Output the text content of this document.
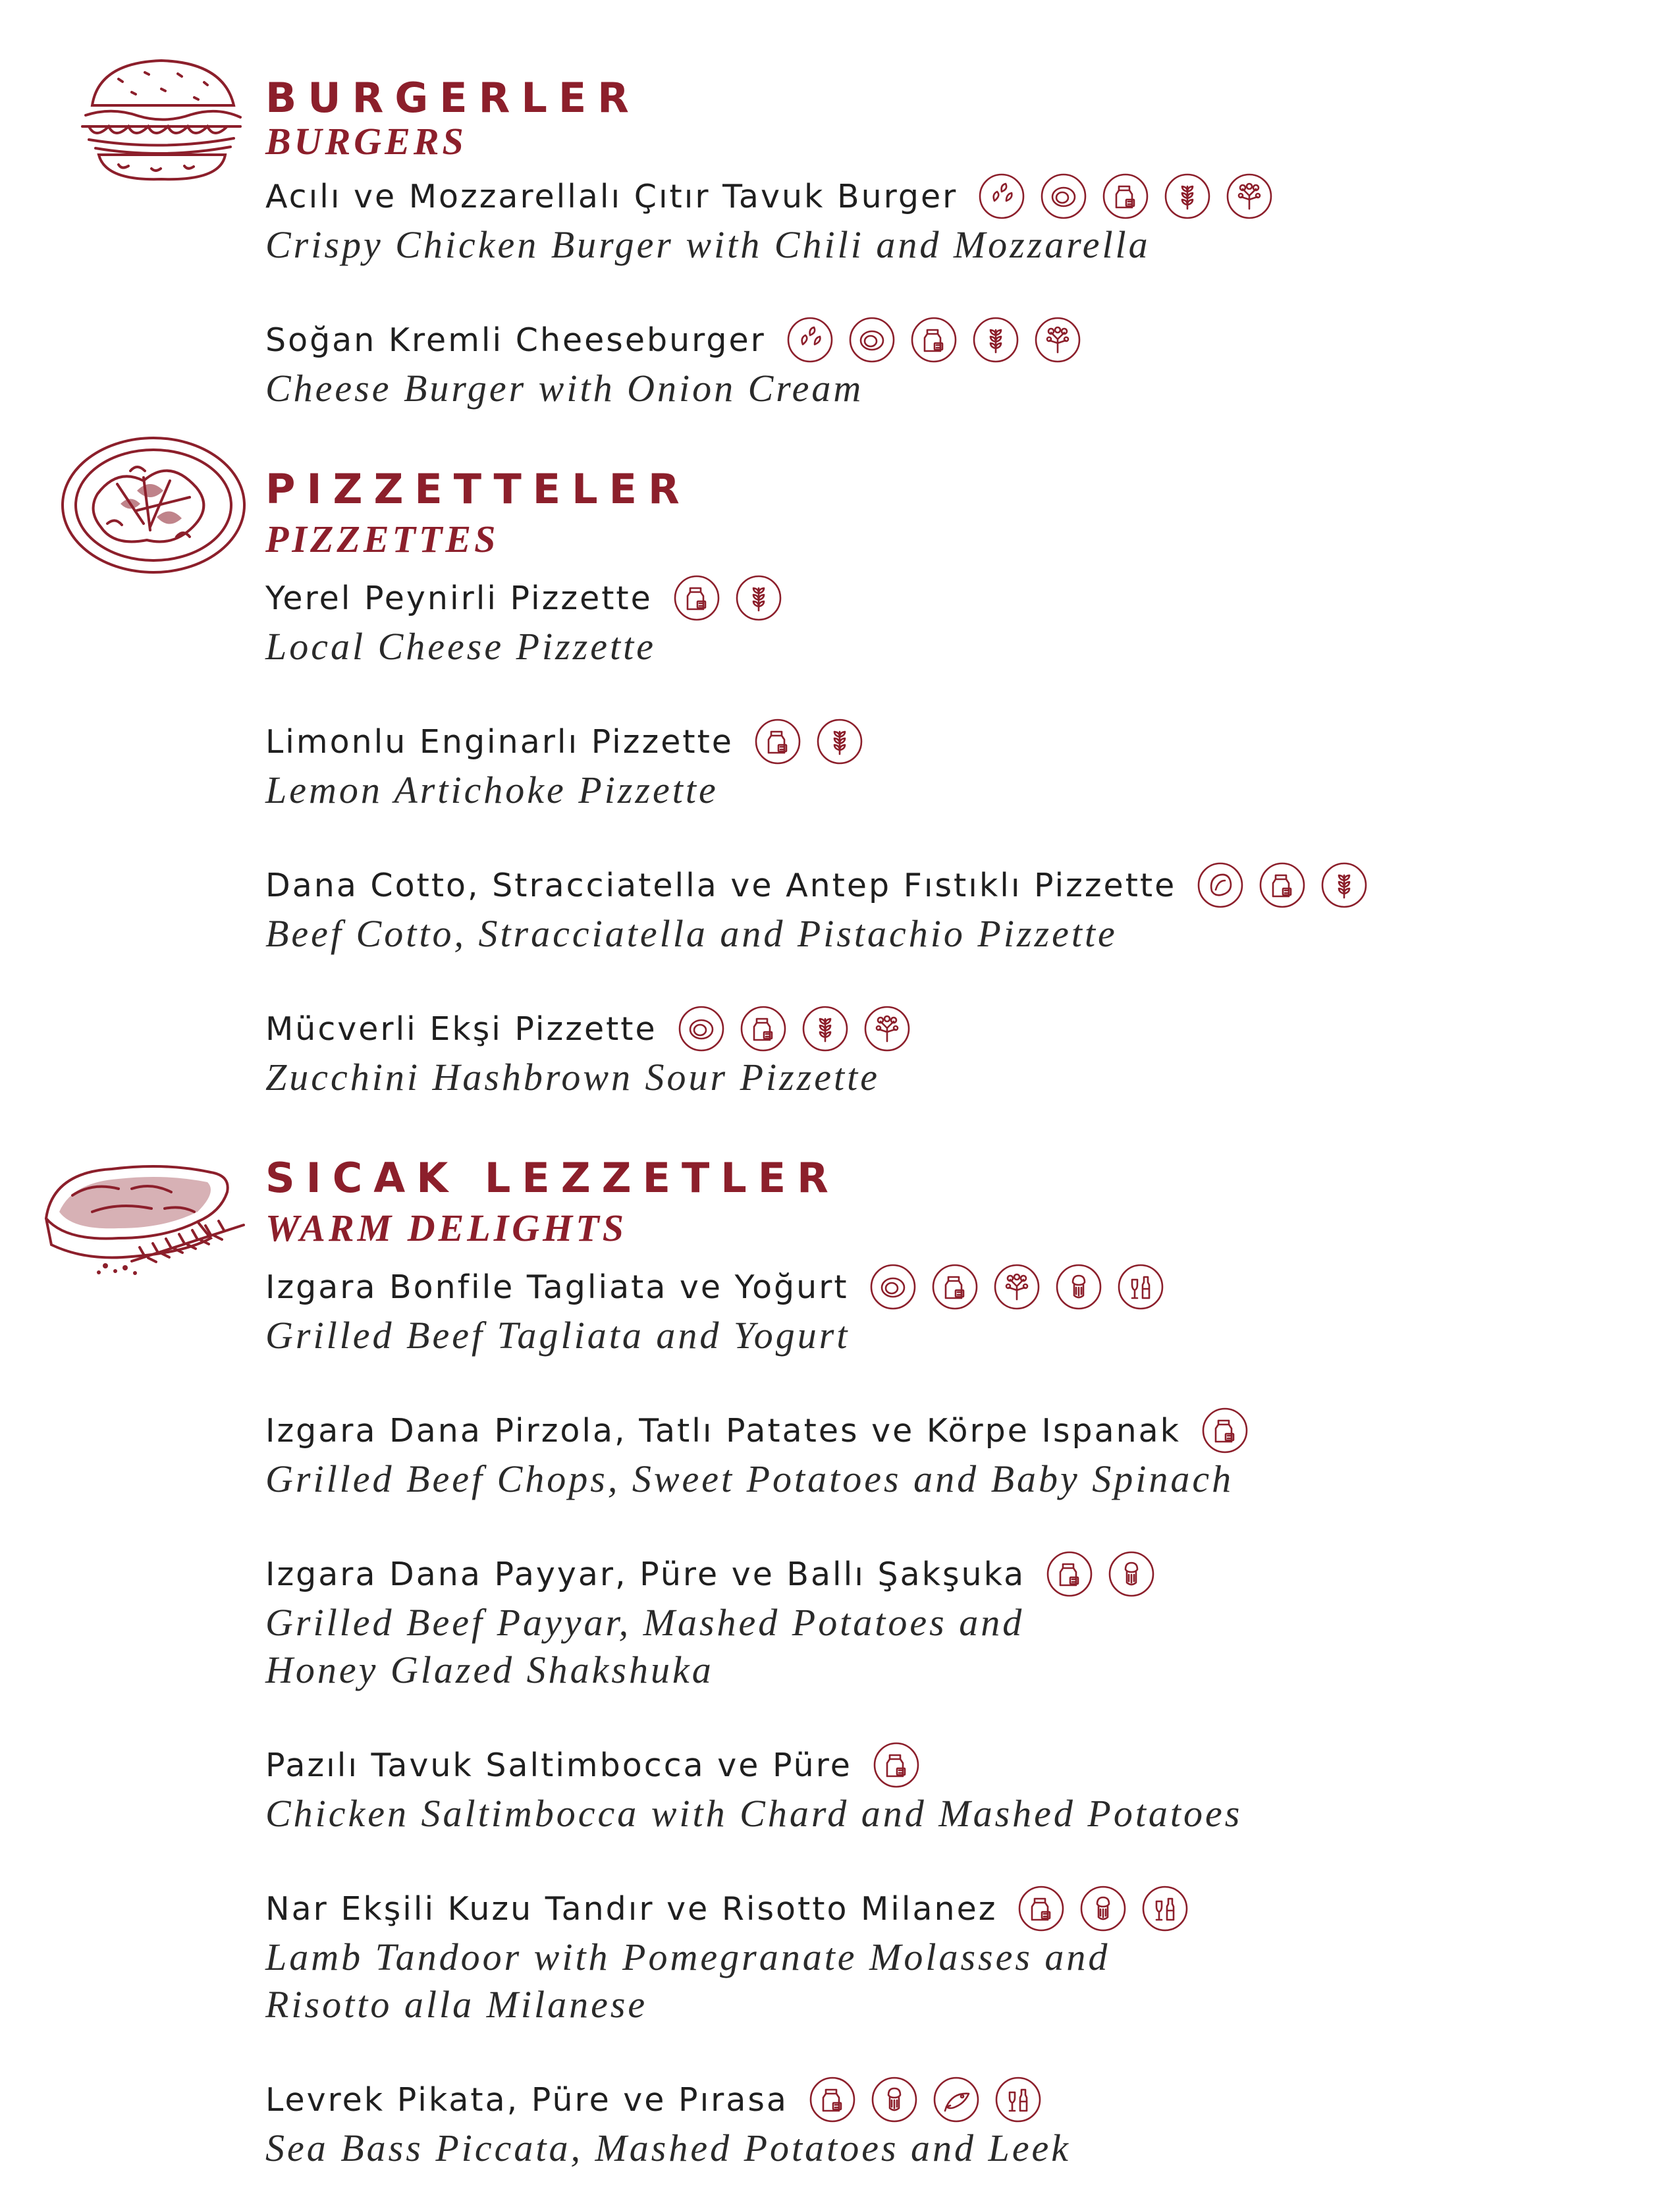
BURGERLER
BURGERS
PIZZETTELER
PIZZETTES
SICAK LEZZETLER
WARM DELIGHTS
Acılı ve Mozzarellalı Çıtır Tavuk Burger
Crispy Chicken Burger with Chili and Mozzarella
Soğan Kremli Cheeseburger
Cheese Burger with Onion Cream
Yerel Peynirli Pizzette
Local Cheese Pizzette
Limonlu Enginarlı Pizzette
Lemon Artichoke Pizzette
Dana Cotto, Stracciatella ve Antep Fıstıklı Pizzette
Beef Cotto, Stracciatella and Pistachio Pizzette
Mücverli Ekşi Pizzette
Zucchini Hashbrown Sour Pizzette
Izgara Bonfile Tagliata ve Yoğurt
Grilled Beef Tagliata and Yogurt
Izgara Dana Pirzola, Tatlı Patates ve Körpe Ispanak
Grilled Beef Chops, Sweet Potatoes and Baby Spinach
Izgara Dana Payyar, Püre ve Ballı Şakşuka
Grilled Beef Payyar, Mashed Potatoes and
Honey Glazed Shakshuka
Pazılı Tavuk Saltimbocca ve Püre
Chicken Saltimbocca with Chard and Mashed Potatoes
Nar Ekşili Kuzu Tandır ve Risotto Milanez
Lamb Tandoor with Pomegranate Molasses and
Risotto alla Milanese
Levrek Pikata, Püre ve Pırasa
Sea Bass Piccata, Mashed Potatoes and Leek
